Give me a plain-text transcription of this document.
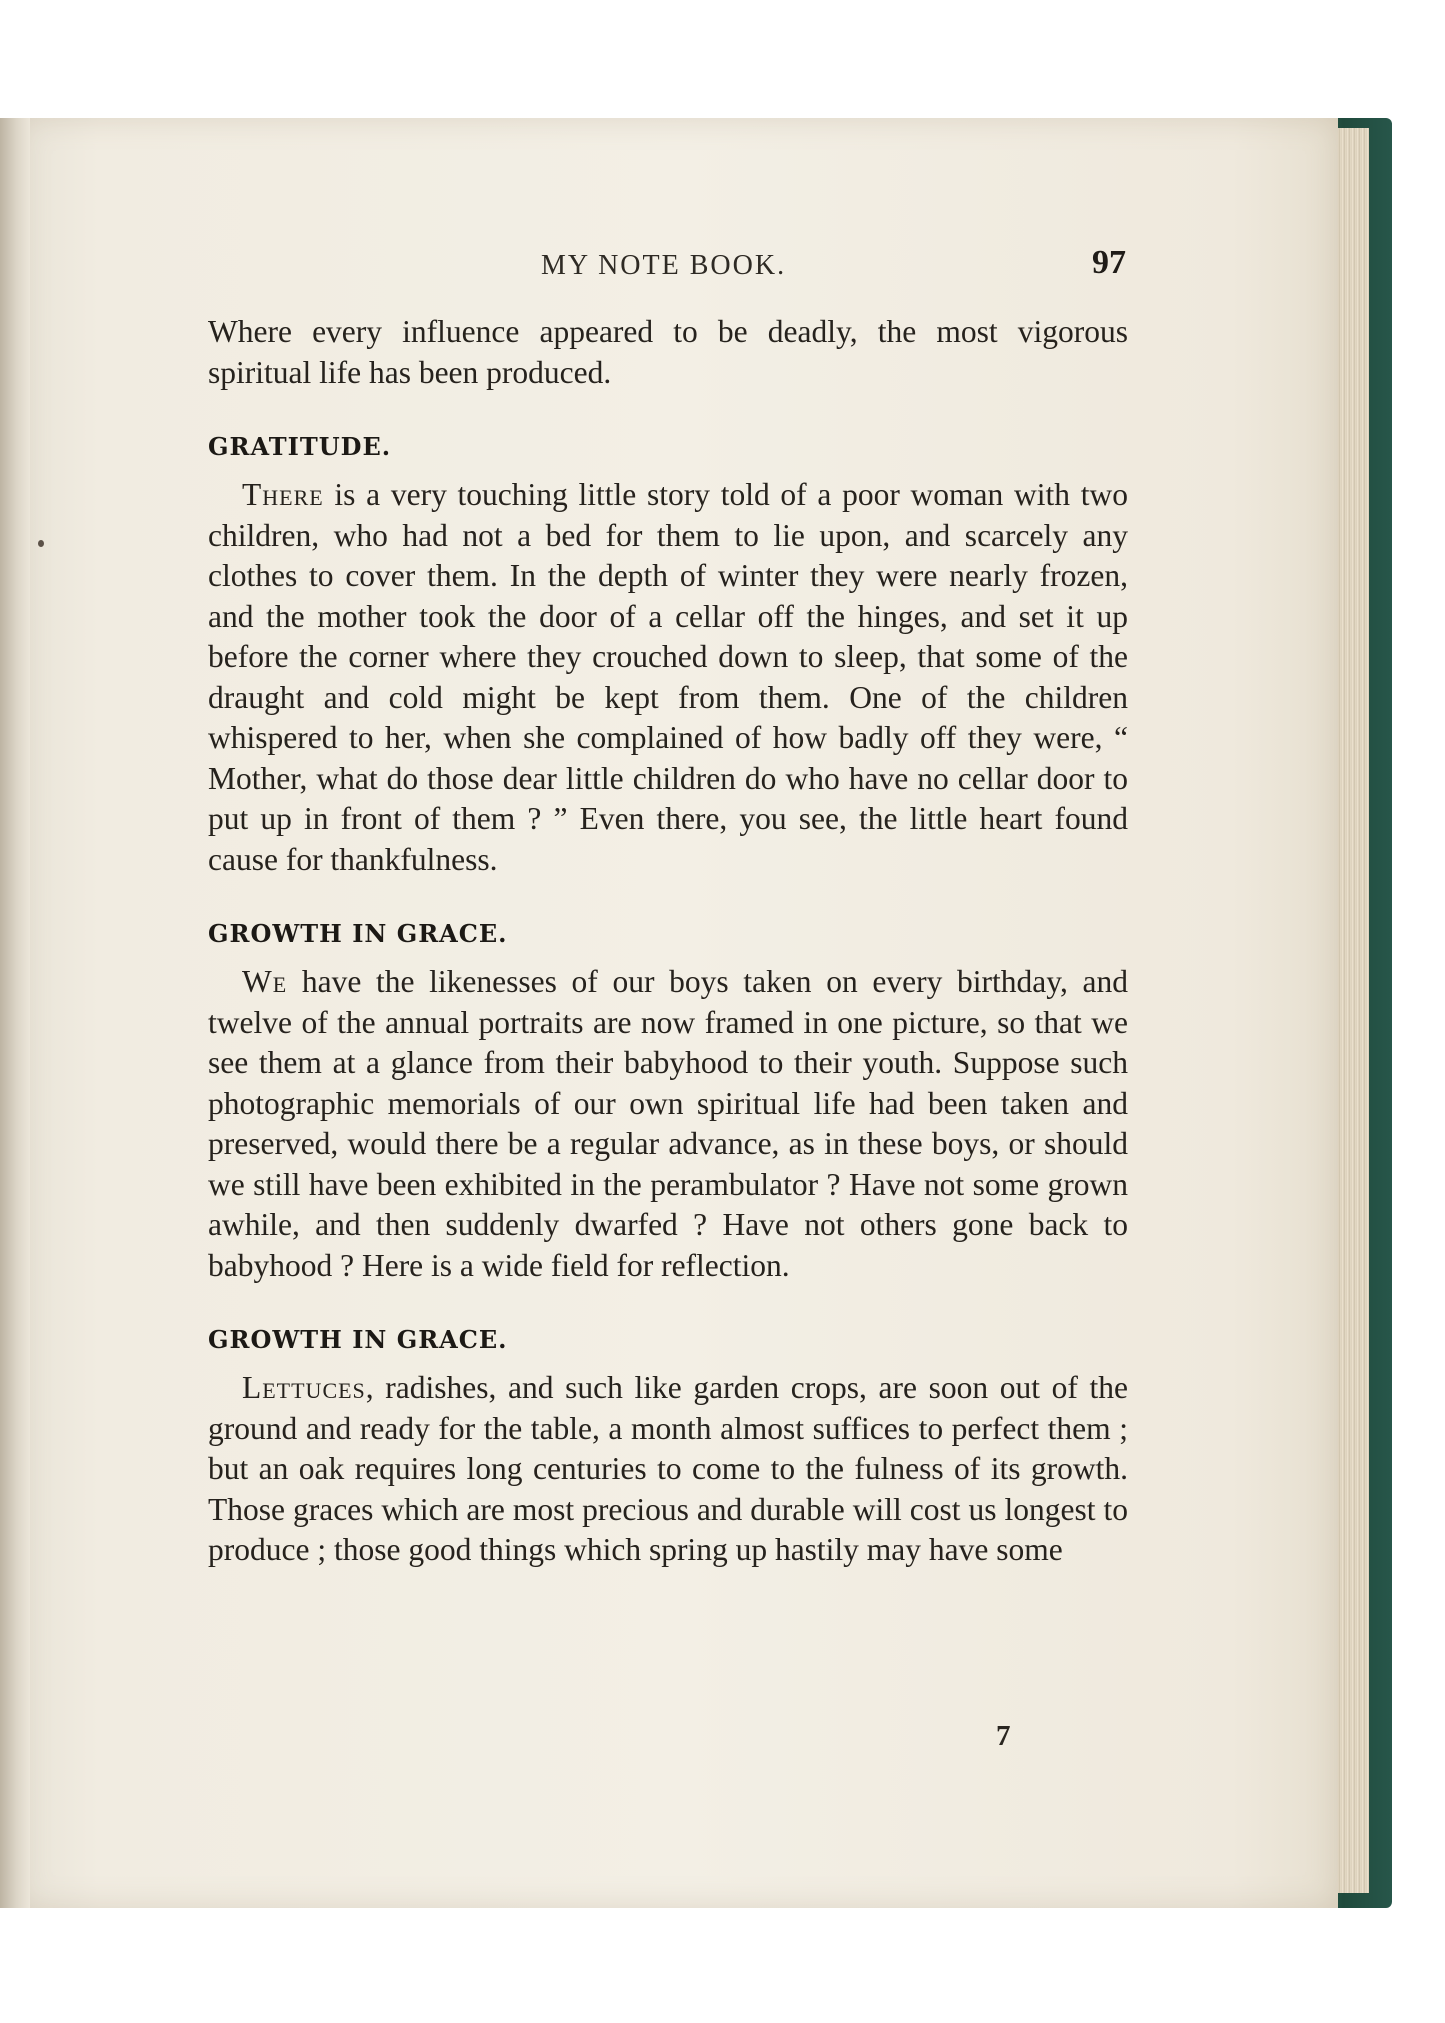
MY NOTE BOOK.	97

Where every influence appeared to be deadly, the most vigorous spiritual life has been produced.

GRATITUDE.

There is a very touching little story told of a poor woman with two children, who had not a bed for them to lie upon, and scarcely any clothes to cover them. In the depth of winter they were nearly frozen, and the mother took the door of a cellar off the hinges, and set it up before the corner where they crouched down to sleep, that some of the draught and cold might be kept from them. One of the children whispered to her, when she complained of how badly off they were, “ Mother, what do those dear little children do who have no cellar door to put up in front of them ? ” Even there, you see, the little heart found cause for thankfulness.

GROWTH IN GRACE.

We have the likenesses of our boys taken on every birthday, and twelve of the annual portraits are now framed in one picture, so that we see them at a glance from their babyhood to their youth. Suppose such photographic memorials of our own spiritual life had been taken and preserved, would there be a regular advance, as in these boys, or should we still have been exhibited in the perambulator ? Have not some grown awhile, and then suddenly dwarfed ? Have not others gone back to babyhood ? Here is a wide field for reflection.

GROWTH IN GRACE.

Lettuces, radishes, and such like garden crops, are soon out of the ground and ready for the table, a month almost suffices to perfect them ; but an oak requires long centuries to come to the fulness of its growth. Those graces which are most precious and durable will cost us longest to produce ; those good things which spring up hastily may have some

7
